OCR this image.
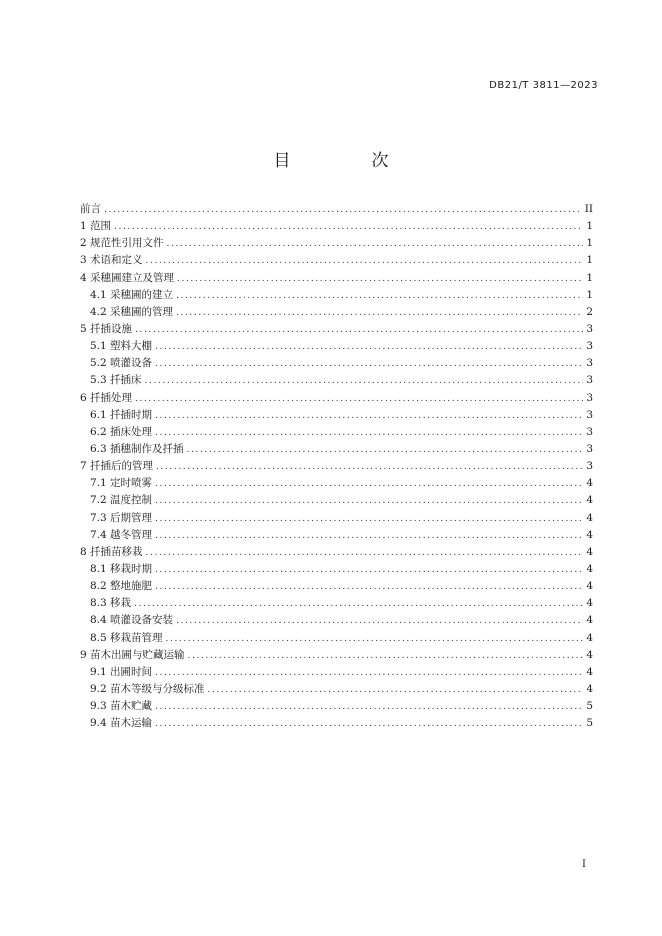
DB21/T 3811—2023
目　次
前言 .....	II
1 范围 .....	1
2 规范性引用文件 .....	1
3 术语和定义 .....	1
4 采穗圃建立及管理 .....	1
4.1 采穗圃的建立 .....	1
4.2 采穗圃的管理 .....	2
5 扦插设施 .....	3
5.1 塑料大棚 .....	3
5.2 喷灌设备 .....	3
5.3 扦插床 .....	3
6 扦插处理 .....	3
6.1 扦插时期 .....	3
6.2 插床处理 .....	3
6.3 插穗制作及扦插 .....	3
7 扦插后的管理 .....	3
7.1 定时喷雾 .....	4
7.2 温度控制 .....	4
7.3 后期管理 .....	4
7.4 越冬管理 .....	4
8 扦插苗移栽 .....	4
8.1 移栽时期 .....	4
8.2 整地施肥 .....	4
8.3 移栽 .....	4
8.4 喷灌设备安装 .....	4
8.5 移栽苗管理 .....	4
9 苗木出圃与贮藏运输 .....	4
9.1 出圃时间 .....	4
9.2 苗木等级与分级标准 .....	4
9.3 苗木贮藏 .....	5
9.4 苗木运输 .....	5
I
